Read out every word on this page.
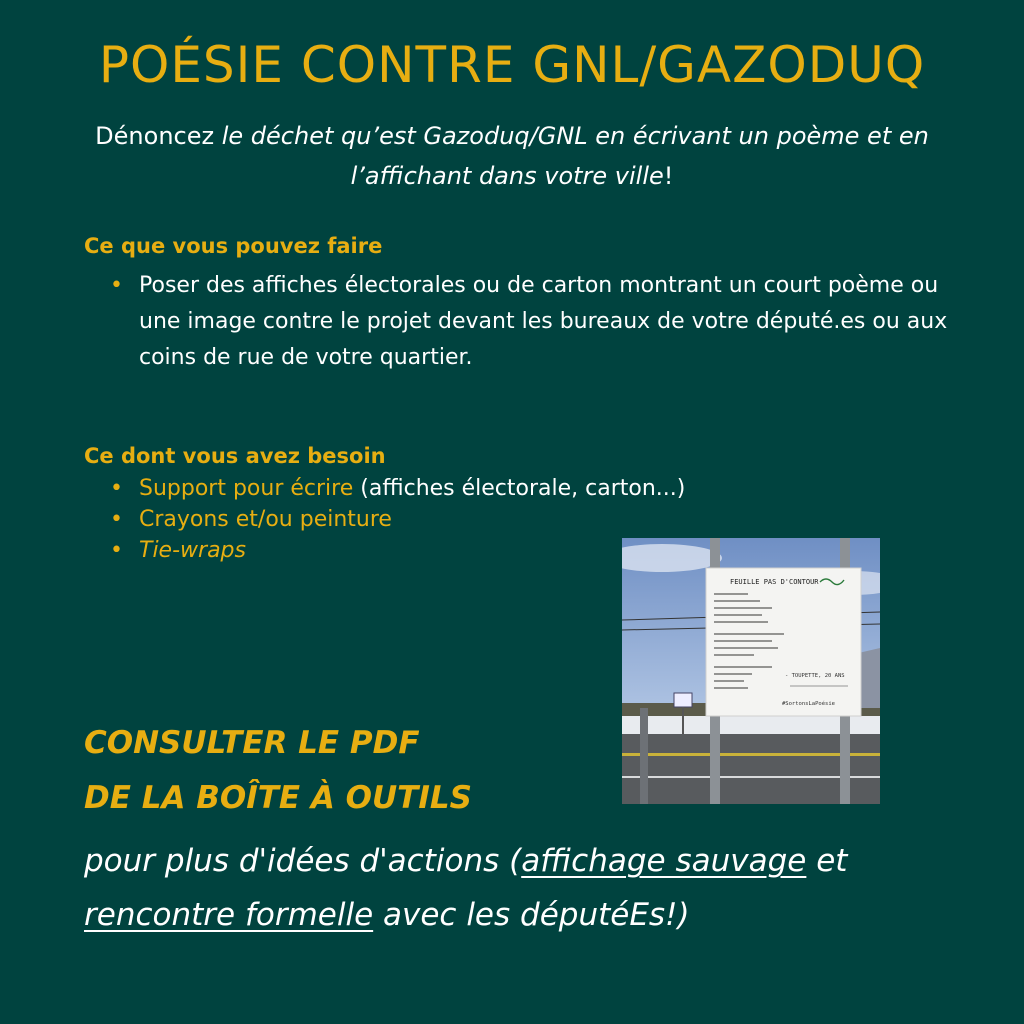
POÉSIE CONTRE GNL/GAZODUQ
Dénoncez le déchet qu’est Gazoduq/GNL en écrivant un poème et en l’affichant dans votre ville!
Ce que vous pouvez faire
• Poser des affiches électorales ou de carton montrant un court poème ou une image contre le projet devant les bureaux de votre député.es ou aux coins de rue de votre quartier.
Ce dont vous avez besoin
• Support pour écrire (affiches électorale, carton...)
• Crayons et/ou peinture
• Tie-wraps
FEUILLE PAS D'CONTOUR
- TOUPETTE, 20 ANS
#SortonsLaPoésie
CONSULTER LE PDF
DE LA BOÎTE À OUTILS
pour plus d'idées d'actions (affichage sauvage et rencontre formelle avec les députéEs!)
